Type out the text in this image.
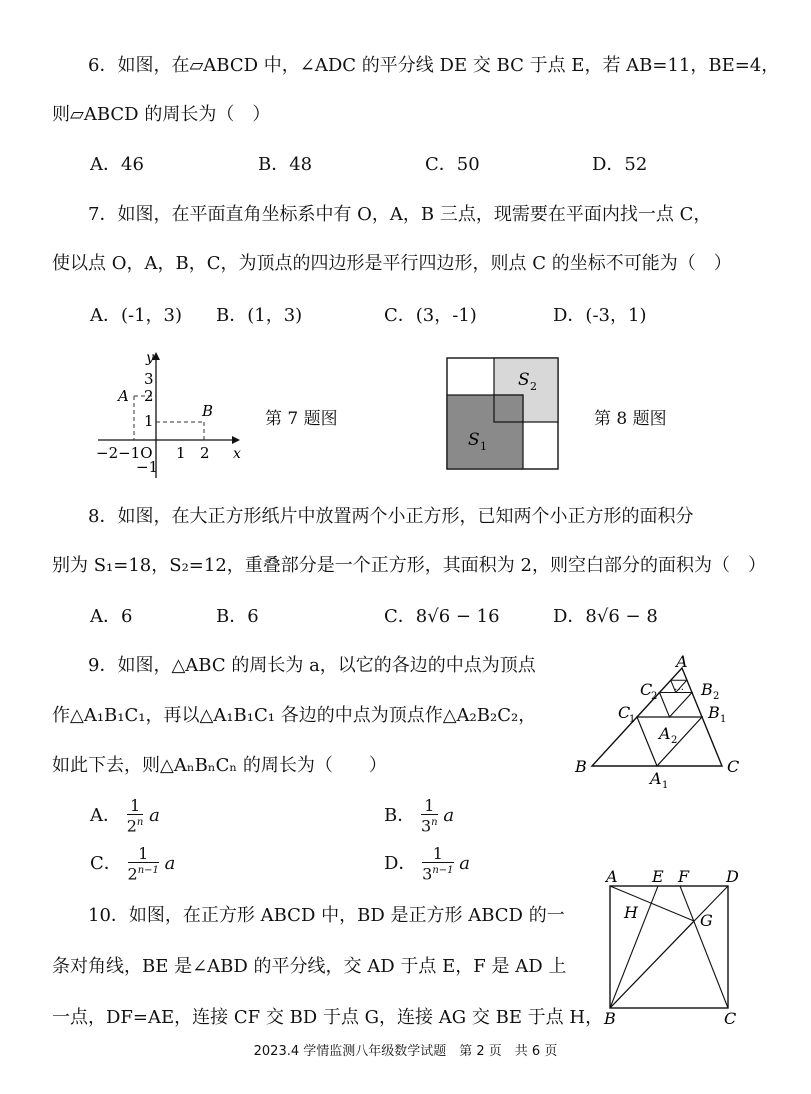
6．如图，在▱ABCD 中，∠ADC 的平分线 DE 交 BC 于点 E，若 AB=11，BE=4，
则▱ABCD 的周长为（　）
A．46	B．48	C．50	D．52
7．如图，在平面直角坐标系中有 O，A，B 三点，现需要在平面内找一点 C，
使以点 O，A，B，C，为顶点的四边形是平行四边形，则点 C 的坐标不可能为（　）
A．(-1，3) B．(1，3)	C．(3，-1)	D．(-3，1)
y
x
3
2
1
−1
A
B
−2−1O 1 2
第 7 题图
S 2
S 1
第 8 题图
8．如图，在大正方形纸片中放置两个小正方形，已知两个小正方形的面积分
别为 S₁=18，S₂=12，重叠部分是一个正方形，其面积为 2，则空白部分的面积为（　）
A．6	B．6	C．8√6 − 16	D．8√6 − 8
9．如图，△ABC 的周长为 a，以它的各边的中点为顶点
作△A₁B₁C₁，再以△A₁B₁C₁ 各边的中点为顶点作△A₂B₂C₂，
如此下去，则△AₙBₙCₙ 的周长为（　　）
A． $\frac{1}{2^n}$ a	B． $\frac{1}{3^n}$ a
C． $\frac{1}{2^{n-1}}$ a	D． $\frac{1}{3^{n-1}}$ a
…
A
B	C
A 1
B 1
C
1
A 2
B 2
C
2
10．如图，在正方形 ABCD 中，BD 是正方形 ABCD 的一
条对角线，BE 是∠ABD 的平分线，交 AD 于点 E，F 是 AD 上
一点，DF=AE，连接 CF 交 BD 于点 G，连接 AG 交 BE 于点 H，
A E F D
H	G
B	C
2023.4 学情监测八年级数学试题　第 2 页　共 6 页
